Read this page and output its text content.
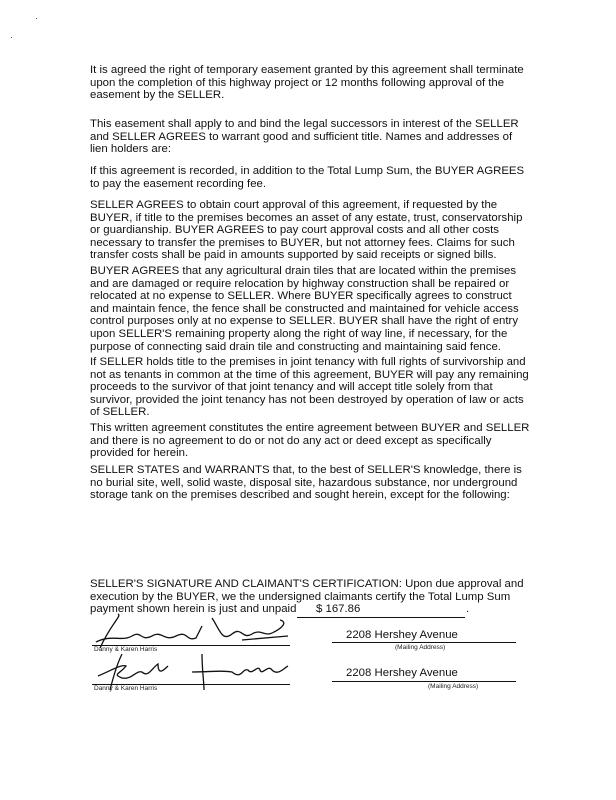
It is agreed the right of temporary easement granted by this agreement shall terminate
upon the completion of this highway project or 12 months following approval of the
easement by the SELLER.
This easement shall apply to and bind the legal successors in interest of the SELLER
and SELLER AGREES to warrant good and sufficient title. Names and addresses of
lien holders are:
If this agreement is recorded, in addition to the Total Lump Sum, the BUYER AGREES
to pay the easement recording fee.
SELLER AGREES to obtain court approval of this agreement, if requested by the
BUYER, if title to the premises becomes an asset of any estate, trust, conservatorship
or guardianship. BUYER AGREES to pay court approval costs and all other costs
necessary to transfer the premises to BUYER, but not attorney fees. Claims for such
transfer costs shall be paid in amounts supported by said receipts or signed bills.
BUYER AGREES that any agricultural drain tiles that are located within the premises
and are damaged or require relocation by highway construction shall be repaired or
relocated at no expense to SELLER. Where BUYER specifically agrees to construct
and maintain fence, the fence shall be constructed and maintained for vehicle access
control purposes only at no expense to SELLER. BUYER shall have the right of entry
upon SELLER'S remaining property along the right of way line, if necessary, for the
purpose of connecting said drain tile and constructing and maintaining said fence.
If SELLER holds title to the premises in joint tenancy with full rights of survivorship and
not as tenants in common at the time of this agreement, BUYER will pay any remaining
proceeds to the survivor of that joint tenancy and will accept title solely from that
survivor, provided the joint tenancy has not been destroyed by operation of law or acts
of SELLER.
This written agreement constitutes the entire agreement between BUYER and SELLER
and there is no agreement to do or not do any act or deed except as specifically
provided for herein.
SELLER STATES and WARRANTS that, to the best of SELLER'S knowledge, there is
no burial site, well, solid waste, disposal site, hazardous substance, nor underground
storage tank on the premises described and sought herein, except for the following:
SELLER'S SIGNATURE AND CLAIMANT'S CERTIFICATION: Upon due approval and
execution by the BUYER, we the undersigned claimants certify the Total Lump Sum
payment shown herein is just and unpaid	$ 167.86	.
Danny & Karen Harris
2208 Hershey Avenue
(Mailing Address)
Danny & Karen Harris
2208 Hershey Avenue
(Mailing Address)
